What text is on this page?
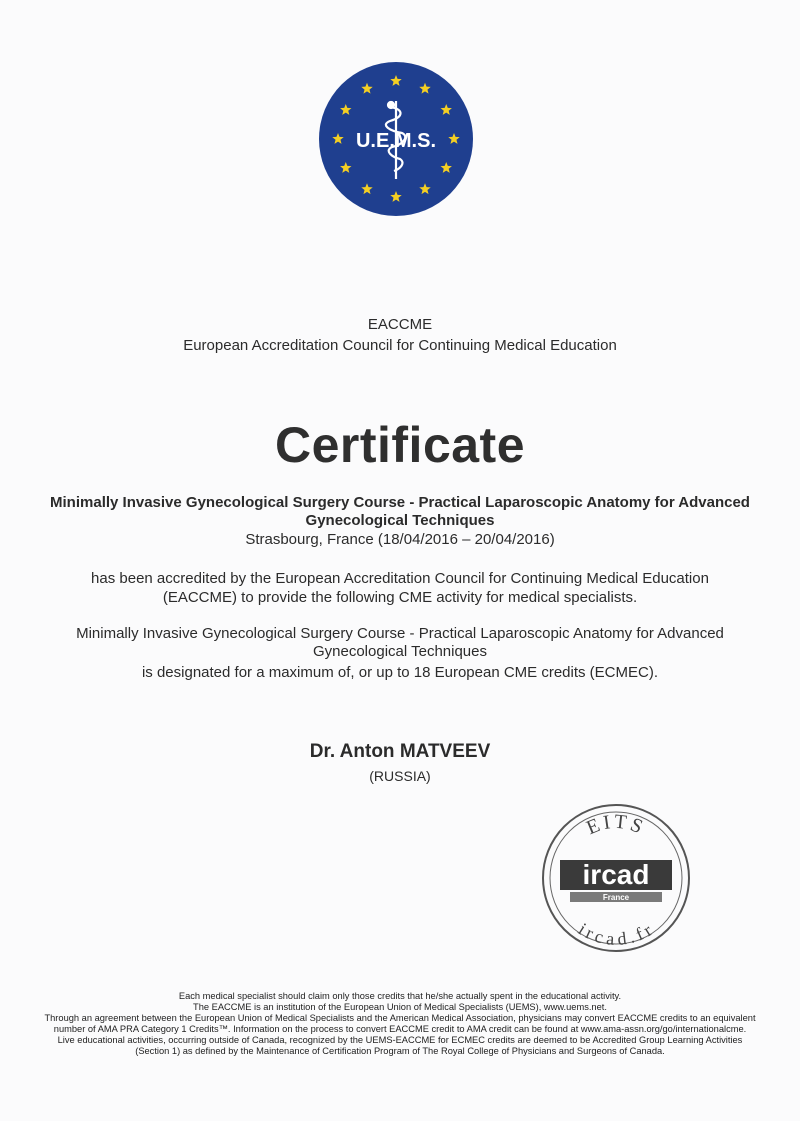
U.E.M.S.
EACCME
European Accreditation Council for Continuing Medical Education
Certificate
Minimally Invasive Gynecological Surgery Course - Practical Laparoscopic Anatomy for Advanced Gynecological Techniques
Strasbourg, France (18/04/2016 – 20/04/2016)
has been accredited by the European Accreditation Council for Continuing Medical Education (EACCME) to provide the following CME activity for medical specialists.
Minimally Invasive Gynecological Surgery Course - Practical Laparoscopic Anatomy for Advanced Gynecological Techniques
is designated for a maximum of, or up to 18 European CME credits (ECMEC).
Dr. Anton MATVEEV
(RUSSIA)
EITS
ircad
France
ircad.fr

Each medical specialist should claim only those credits that he/she actually spent in the educational activity.

The EACCME is an institution of the European Union of Medical Specialists (UEMS), www.uems.net.

Through an agreement between the European Union of Medical Specialists and the American Medical Association, physicians may convert EACCME credits to an equivalent number of AMA PRA Category 1 Credits™. Information on the process to convert EACCME credit to AMA credit can be found at www.ama-assn.org/go/internationalcme.

Live educational activities, occurring outside of Canada, recognized by the UEMS-EACCME for ECMEC credits are deemed to be Accredited Group Learning Activities (Section 1) as defined by the Maintenance of Certification Program of The Royal College of Physicians and Surgeons of Canada.
